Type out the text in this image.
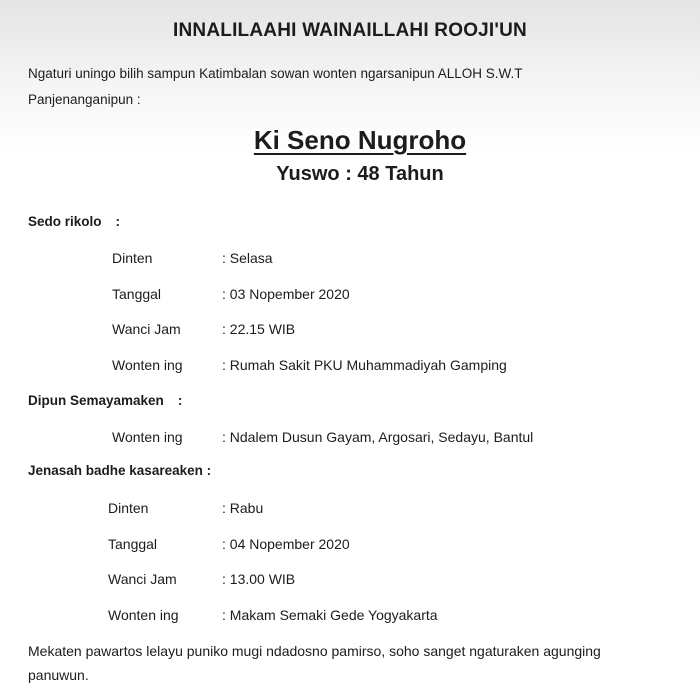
INNALILAAHI WAINAILLAHI ROOJI'UN
Ngaturi uningo bilih sampun Katimbalan sowan wonten ngarsanipun ALLOH S.W.T
Panjenanganipun :
Ki Seno Nugroho
Yuswo : 48 Tahun
Sedo rikolo :
Dinten	: Selasa
Tanggal	: 03 Nopember 2020
Wanci Jam	: 22.15 WIB
Wonten ing	: Rumah Sakit PKU Muhammadiyah Gamping
Dipun Semayamaken :
Wonten ing	: Ndalem Dusun Gayam, Argosari, Sedayu, Bantul
Jenasah badhe kasareaken :
Dinten	: Rabu
Tanggal	: 04 Nopember 2020
Wanci Jam	: 13.00 WIB
Wonten ing	: Makam Semaki Gede Yogyakarta
Mekaten pawartos lelayu puniko mugi ndadosno pamirso, soho sanget ngaturaken agunging
panuwun.
